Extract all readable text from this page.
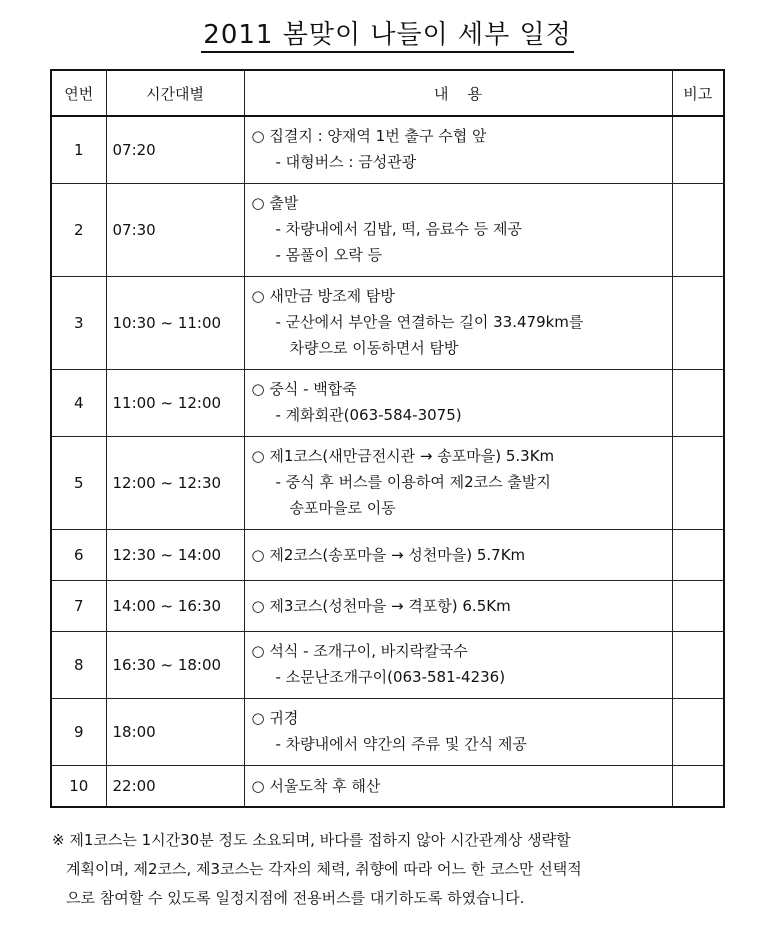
2011 봄맞이 나들이 세부 일정
연번	시간대별	내    용	비고
1	07:20	○ 집결지 : 양재역 1번 출구 수협 앞
- 대형버스 : 금성관광	

2	07:30	○ 출발
- 차량내에서 김밥, 떡, 음료수 등 제공
- 몸풀이 오락 등	

3	10:30 ~ 11:00	○ 새만금 방조제 탐방
- 군산에서 부안을 연결하는 길이 33.479km를
차량으로 이동하면서 탐방	

4	11:00 ~ 12:00	○ 중식 - 백합죽
- 계화회관(063-584-3075)	

5	12:00 ~ 12:30	○ 제1코스(새만금전시관 → 송포마을) 5.3Km
- 중식 후 버스를 이용하여 제2코스 출발지
송포마을로 이동	

6	12:30 ~ 14:00	○ 제2코스(송포마을 → 성천마을) 5.7Km	

7	14:00 ~ 16:30	○ 제3코스(성천마을 → 격포항) 6.5Km	

8	16:30 ~ 18:00	○ 석식 - 조개구이, 바지락칼국수
- 소문난조개구이(063-581-4236)	

9	18:00	○ 귀경
- 차량내에서 약간의 주류 및 간식 제공	

10	22:00	○ 서울도착 후 해산	

※ 제1코스는 1시간30분 정도 소요되며, 바다를 접하지 않아 시간관계상 생략할
계획이며, 제2코스, 제3코스는 각자의 체력, 취향에 따라 어느 한 코스만 선택적
으로 참여할 수 있도록 일정지점에 전용버스를 대기하도록 하였습니다.
